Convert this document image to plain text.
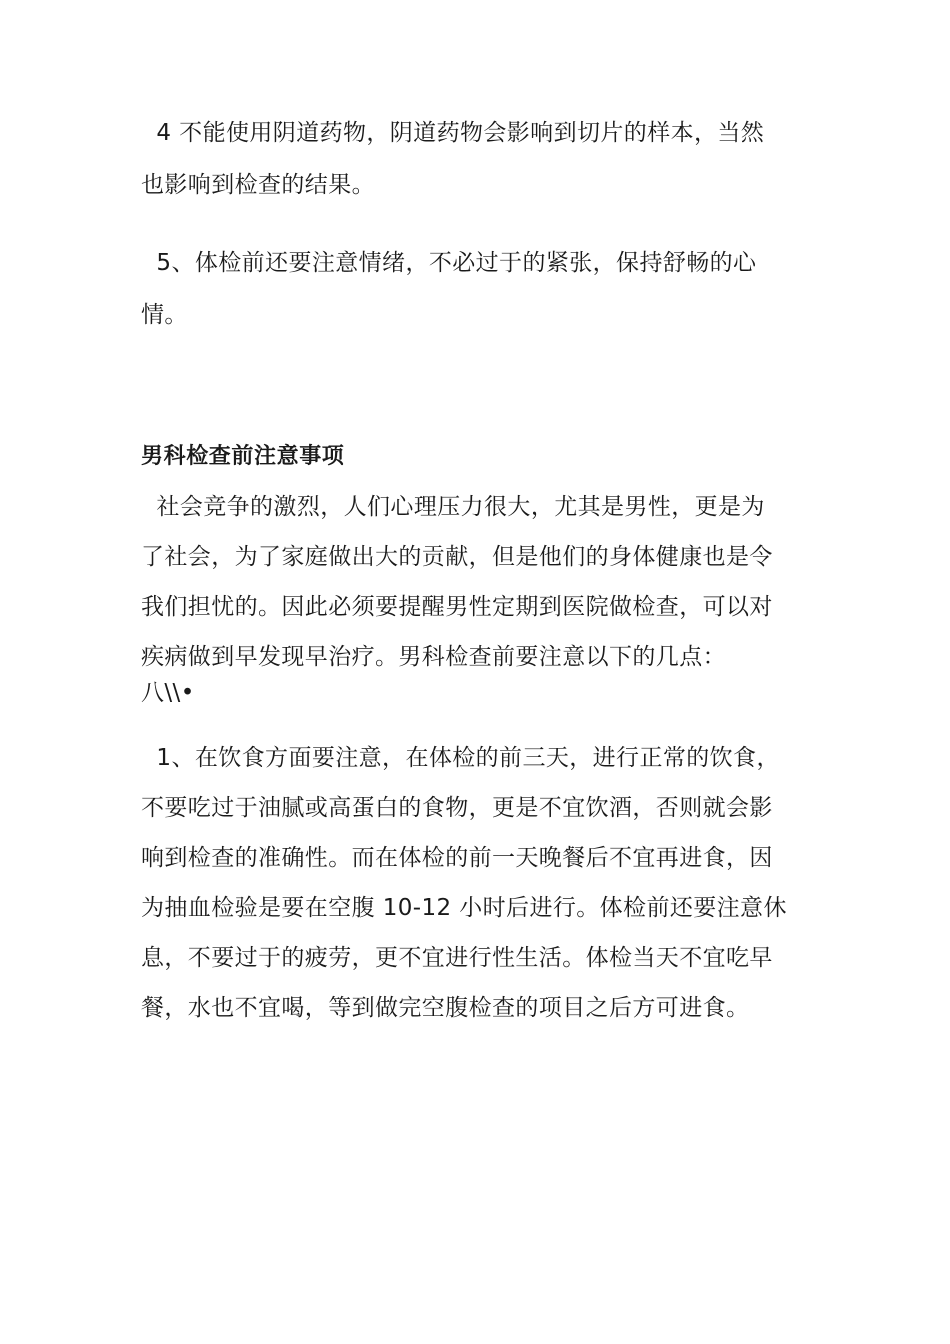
4 不能使用阴道药物，阴道药物会影响到切片的样本，当然
也影响到检查的结果。
5、体检前还要注意情绪，不必过于的紧张，保持舒畅的心
情。
男科检查前注意事项
社会竞争的激烈，人们心理压力很大，尤其是男性，更是为
了社会，为了家庭做出大的贡献，但是他们的身体健康也是令
我们担忧的。因此必须要提醒男性定期到医院做检查，可以对
疾病做到早发现早治疗。男科检查前要注意以下的几点：
八\\•
1、在饮食方面要注意，在体检的前三天，进行正常的饮食，
不要吃过于油腻或高蛋白的食物，更是不宜饮酒，否则就会影
响到检查的准确性。而在体检的前一天晚餐后不宜再进食，因
为抽血检验是要在空腹 10-12 小时后进行。体检前还要注意休
息，不要过于的疲劳，更不宜进行性生活。体检当天不宜吃早
餐，水也不宜喝，等到做完空腹检查的项目之后方可进食。
